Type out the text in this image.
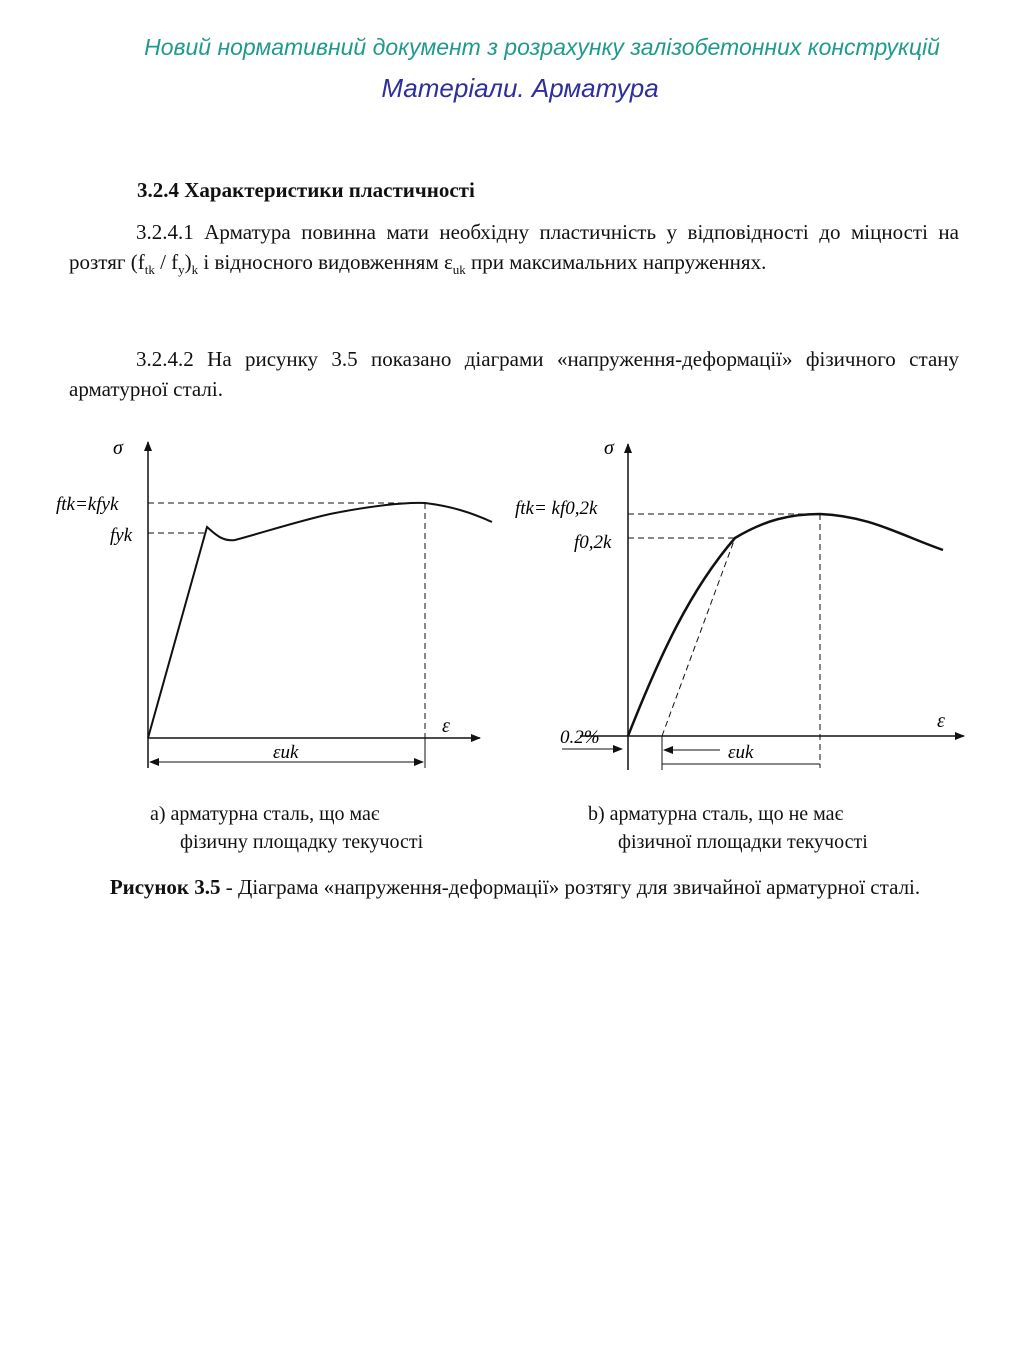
Новий нормативний документ з розрахунку залізобетонних конструкцій
Матеріали. Арматура
3.2.4 Характеристики пластичності
3.2.4.1 Арматура повинна мати необхідну пластичність у відповідності до міцності на розтяг $(f_{tk} / f_y)_k$ і відносного видовженням $\varepsilon_{uk}$ при максимальних напруженнях.
3.2.4.2 На рисунку 3.5 показано діаграми «напруження-деформації» фізичного стану арматурної сталі.
σ
ε
ftk=kfyk
fyk
εuk
σ
ε
ftk= kf0,2k
f0,2k
0.2%
εuk
а) арматурна сталь, що має
фізичну площадку текучості
b) арматурна сталь, що не має
фізичної площадки текучості
Рисунок 3.5 - Діаграма «напруження-деформації» розтягу для звичайної арматурної сталі.
